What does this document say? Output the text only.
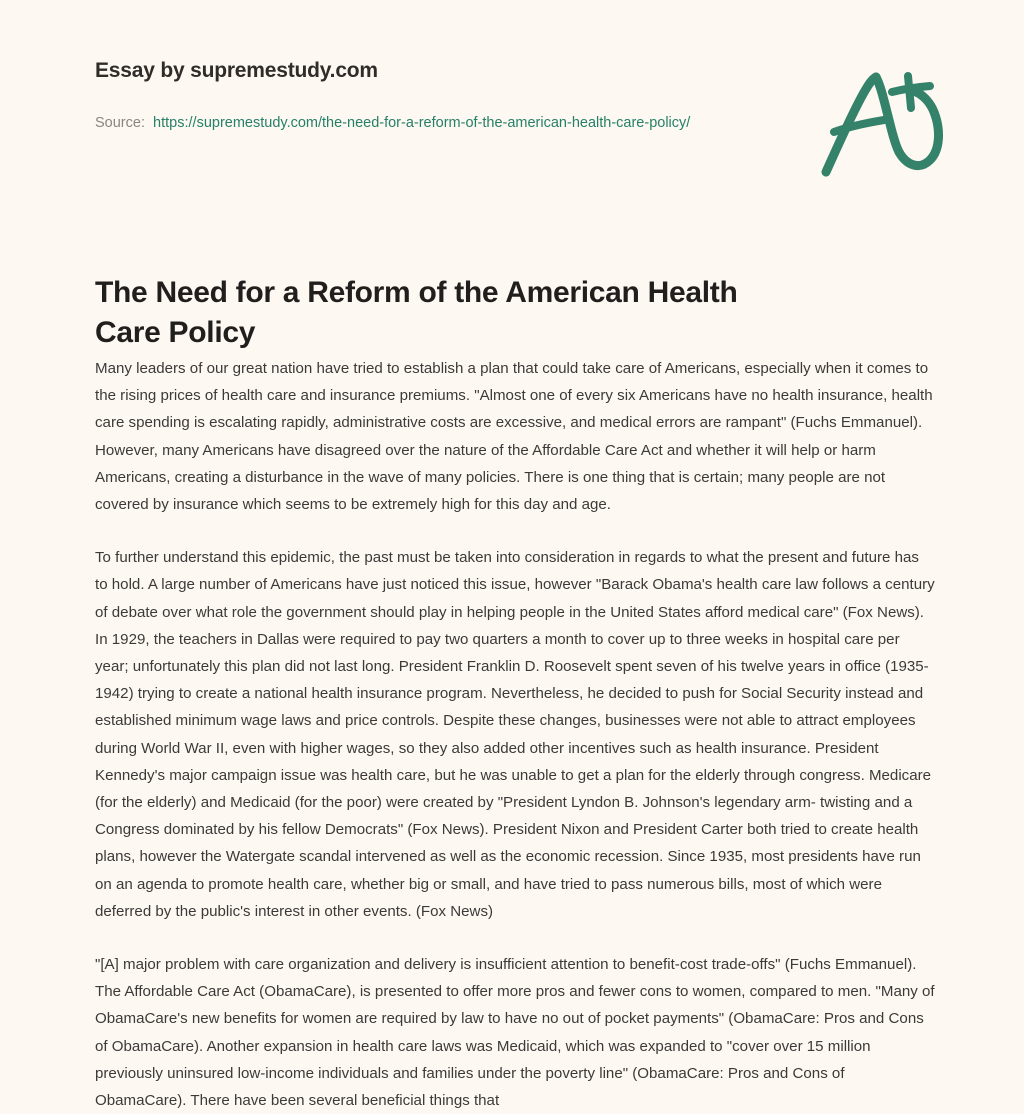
Essay by supremestudy.com
Source: https://supremestudy.com/the-need-for-a-reform-of-the-american-health-care-policy/
The Need for a Reform of the American Health Care Policy

Many leaders of our great nation have tried to establish a plan that could take care of Americans, especially when it comes to the rising prices of health care and insurance premiums. "Almost one of every six Americans have no health insurance, health care spending is escalating rapidly, administrative costs are excessive, and medical errors are rampant" (Fuchs Emmanuel). However, many Americans have disagreed over the nature of the Affordable Care Act and whether it will help or harm Americans, creating a disturbance in the wave of many policies. There is one thing that is certain; many people are not covered by insurance which seems to be extremely high for this day and age.

To further understand this epidemic, the past must be taken into consideration in regards to what the present and future has to hold. A large number of Americans have just noticed this issue, however "Barack Obama's health care law follows a century of debate over what role the government should play in helping people in the United States afford medical care" (Fox News). In 1929, the teachers in Dallas were required to pay two quarters a month to cover up to three weeks in hospital care per year; unfortunately this plan did not last long. President Franklin D. Roosevelt spent seven of his twelve years in office (1935-1942) trying to create a national health insurance program. Nevertheless, he decided to push for Social Security instead and established minimum wage laws and price controls. Despite these changes, businesses were not able to attract employees during World War II, even with higher wages, so they also added other incentives such as health insurance. President Kennedy's major campaign issue was health care, but he was unable to get a plan for the elderly through congress. Medicare (for the elderly) and Medicaid (for the poor) were created by "President Lyndon B. Johnson's legendary arm- twisting and a Congress dominated by his fellow Democrats" (Fox News). President Nixon and President Carter both tried to create health plans, however the Watergate scandal intervened as well as the economic recession. Since 1935, most presidents have run on an agenda to promote health care, whether big or small, and have tried to pass numerous bills, most of which were deferred by the public's interest in other events. (Fox News)

"[A] major problem with care organization and delivery is insufficient attention to benefit-cost trade-offs" (Fuchs Emmanuel). The Affordable Care Act (ObamaCare), is presented to offer more pros and fewer cons to women, compared to men. "Many of ObamaCare's new benefits for women are required by law to have no out of pocket payments" (ObamaCare: Pros and Cons of ObamaCare). Another expansion in health care laws was Medicaid, which was expanded to "cover over 15 million previously uninsured low-income individuals and families under the poverty line" (ObamaCare: Pros and Cons of ObamaCare). There have been several beneficial things that
